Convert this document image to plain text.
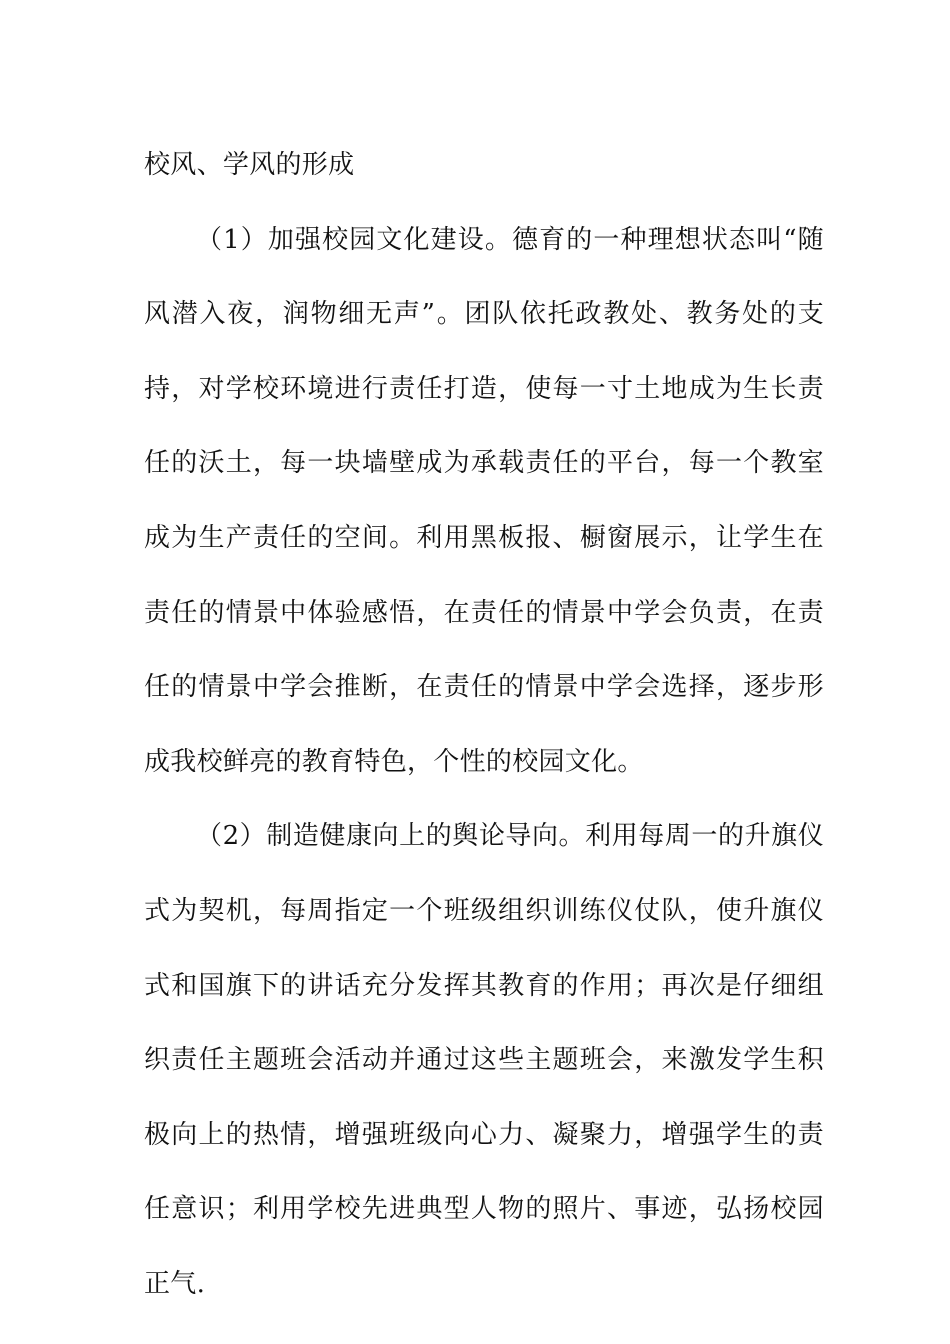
校风、学风的形成

（1）加强校园文化建设。德育的一种理想状态叫“随风潜入夜，润物细无声”。团队依托政教处、教务处的支持，对学校环境进行责任打造，使每一寸土地成为生长责任的沃土，每一块墙壁成为承载责任的平台，每一个教室成为生产责任的空间。利用黑板报、橱窗展示，让学生在责任的情景中体验感悟，在责任的情景中学会负责，在责任的情景中学会推断，在责任的情景中学会选择，逐步形成我校鲜亮的教育特色，个性的校园文化。

（2）制造健康向上的舆论导向。利用每周一的升旗仪式为契机，每周指定一个班级组织训练仪仗队，使升旗仪式和国旗下的讲话充分发挥其教育的作用；再次是仔细组织责任主题班会活动并通过这些主题班会，来激发学生积极向上的热情，增强班级向心力、凝聚力，增强学生的责任意识；利用学校先进典型人物的照片、事迹，弘扬校园正气.
